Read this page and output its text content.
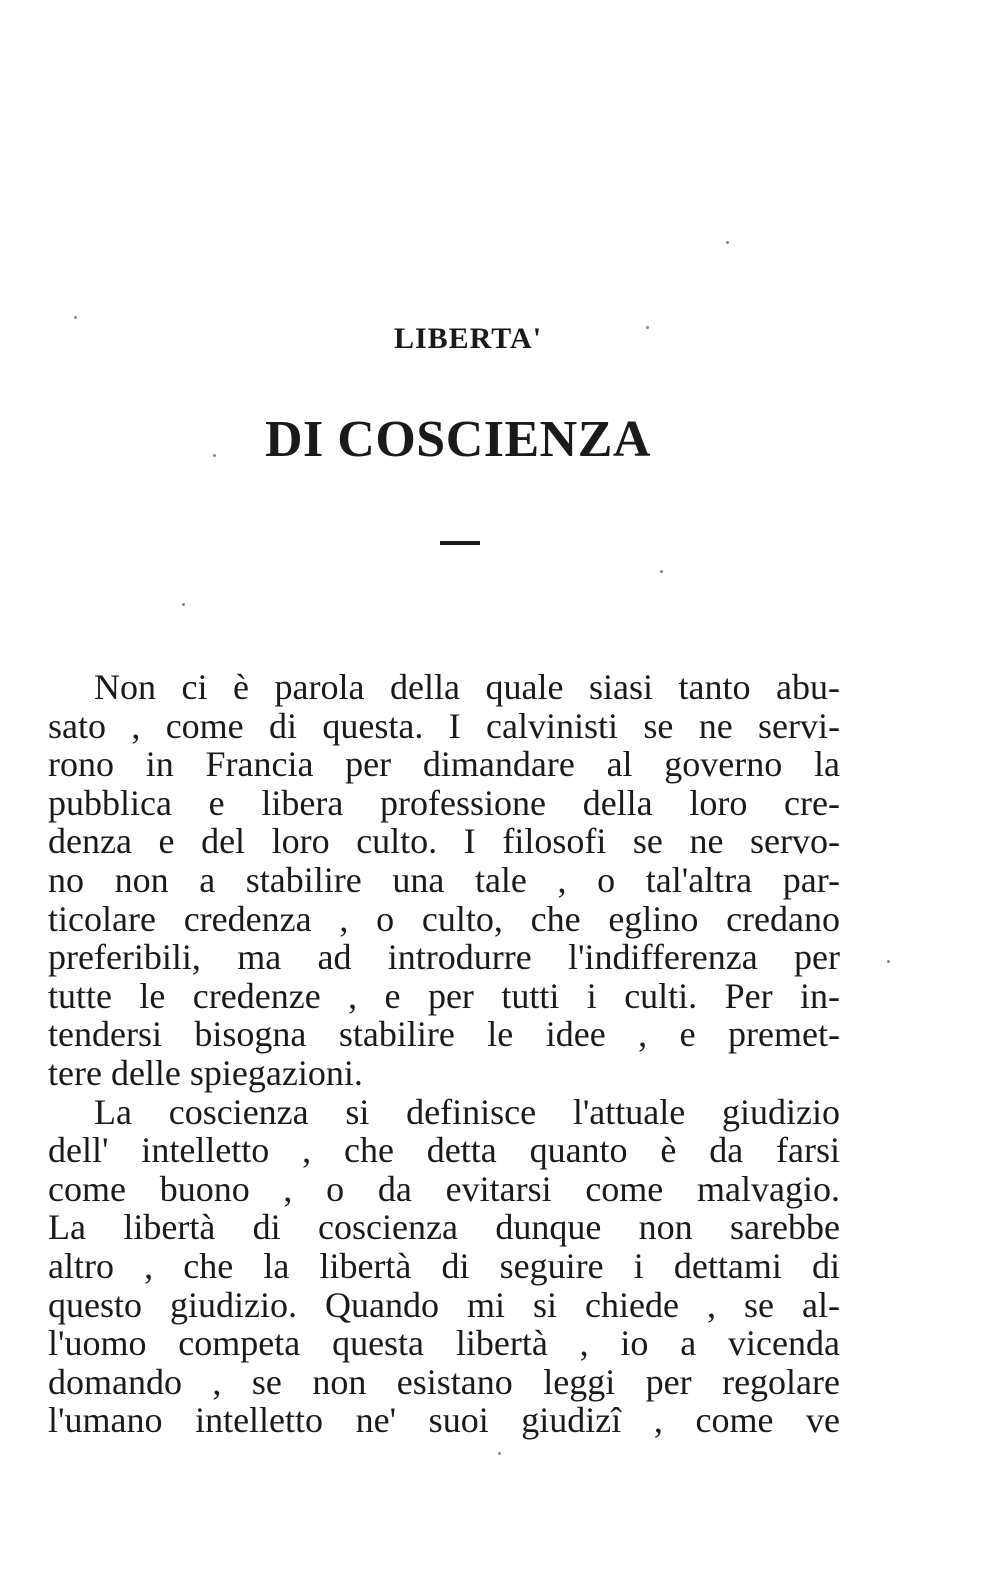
LIBERTA'
DI COSCIENZA
Non ci è parola della quale siasi tanto abu-
sato , come di questa. I calvinisti se ne servi-
rono in Francia per dimandare al governo la
pubblica e libera professione della loro cre-
denza e del loro culto. I filosofi se ne servo-
no non a stabilire una tale , o tal'altra par-
ticolare credenza , o culto, che eglino credano
preferibili, ma ad introdurre l'indifferenza per
tutte le credenze , e per tutti i culti. Per in-
tendersi bisogna stabilire le idee , e premet-
tere delle spiegazioni.
La coscienza si definisce l'attuale giudizio
dell' intelletto , che detta quanto è da farsi
come buono , o da evitarsi come malvagio.
La libertà di coscienza dunque non sarebbe
altro , che la libertà di seguire i dettami di
questo giudizio. Quando mi si chiede , se al-
l'uomo competa questa libertà , io a vicenda
domando , se non esistano leggi per regolare
l'umano intelletto ne' suoi giudizî , come ve
